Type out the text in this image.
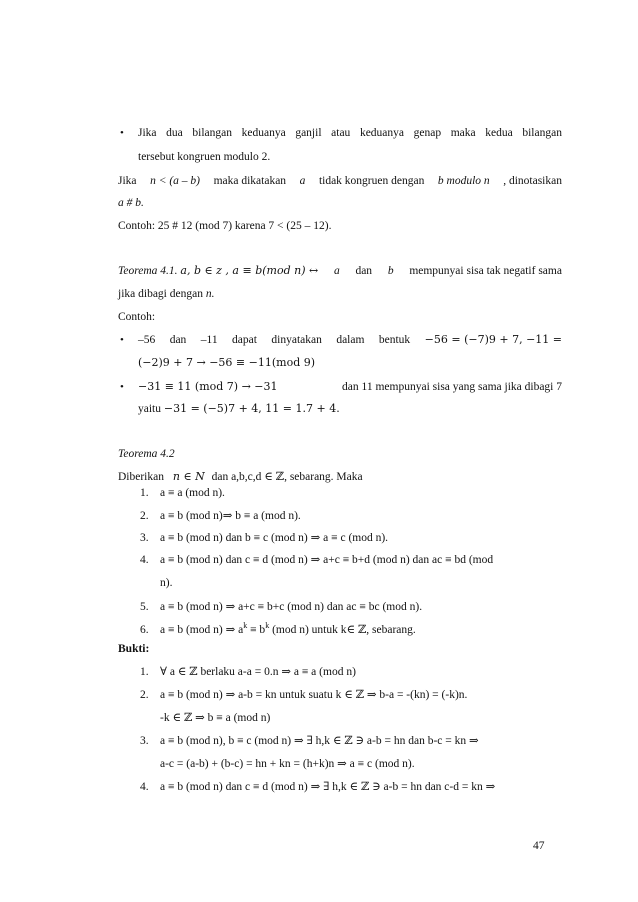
• Jika dua bilangan keduanya ganjil atau keduanya genap maka kedua bilangan
tersebut kongruen modulo 2.
Jika n < (a – b) maka dikatakan a tidak kongruen dengan b modulo n , dinotasikan
a # b.
Contoh: 25 # 12 (mod 7) karena 7 < (25 – 12).
Teorema 4.1. a, b ∈ z , a ≡ b(mod n) ↔ a dan b mempunyai sisa tak negatif sama
jika dibagi dengan n.
Contoh:
• –56 dan –11 dapat dinyatakan dalam bentuk −56 = (−7)9 + 7, −11 =
(−2)9 + 7 → −56 ≡ −11(mod 9)
• −31 ≡ 11 (mod 7) → −31	dan 11 mempunyai sisa yang sama jika dibagi 7
yaitu −31 = (−5)7 + 4, 11 = 1.7 + 4.
Teorema 4.2
Diberikan n ∈ N dan a,b,c,d ∈ ℤ, sebarang. Maka
1. a ≡ a (mod n).
2. a ≡ b (mod n)⇒ b ≡ a (mod n).
3. a ≡ b (mod n) dan b ≡ c (mod n) ⇒ a ≡ c (mod n).
4. a ≡ b (mod n) dan c ≡ d (mod n) ⇒ a+c ≡ b+d (mod n) dan ac ≡ bd (mod
n).
5. a ≡ b (mod n) ⇒ a+c ≡ b+c (mod n) dan ac ≡ bc (mod n).
6. a ≡ b (mod n) ⇒ $a^k \equiv b^k$ (mod n) untuk k∈ ℤ, sebarang.
Bukti:
1. ∀ a ∈ ℤ berlaku a-a = 0.n ⇒ a ≡ a (mod n)
2. a ≡ b (mod n) ⇒ a-b = kn untuk suatu k ∈ ℤ ⇒ b-a = -(kn) = (-k)n.
-k ∈ ℤ ⇒ b ≡ a (mod n)
3. a ≡ b (mod n), b ≡ c (mod n) ⇒ ∃ h,k ∈ ℤ ∋ a-b = hn dan b-c = kn ⇒
a-c = (a-b) + (b-c) = hn + kn = (h+k)n ⇒ a ≡ c (mod n).
4. a ≡ b (mod n) dan c ≡ d (mod n) ⇒ ∃ h,k ∈ ℤ ∋ a-b = hn dan c-d = kn ⇒
47
